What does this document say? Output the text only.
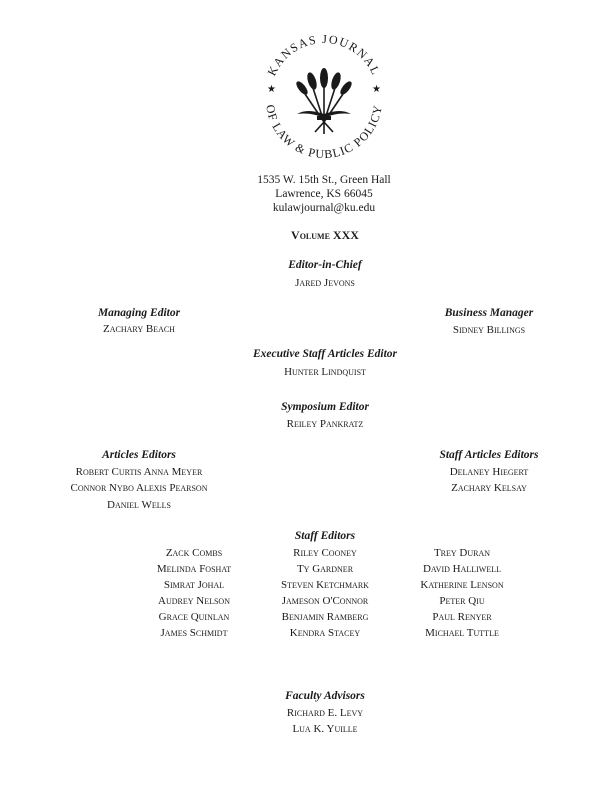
KANSAS JOURNAL
OF LAW & PUBLIC POLICY
★	★
1535 W. 15th St., Green Hall
Lawrence, KS 66045
kulawjournal@ku.edu
Volume XXX
Editor-in-Chief
Jared Jevons
Managing Editor
Zachary Beach
Business Manager
Sidney Billings
Executive Staff Articles Editor
Hunter Lindquist
Symposium Editor
Reiley Pankratz
Articles Editors
Robert Curtis Anna Meyer
Connor Nybo Alexis Pearson
Daniel Wells
Staff Articles Editors
Delaney Hiegert
Zachary Kelsay
Staff Editors
Zack Combs
Melinda Foshat
Simrat Johal
Audrey Nelson
Grace Quinlan
James Schmidt
Riley Cooney
Ty Gardner
Steven Ketchmark
Jameson O'Connor
Benjamin Ramberg
Kendra Stacey
Trey Duran
David Halliwell
Katherine Lenson
Peter Qiu
Paul Renyer
Michael Tuttle
Faculty Advisors
Richard E. Levy
Lua K. Yuille
